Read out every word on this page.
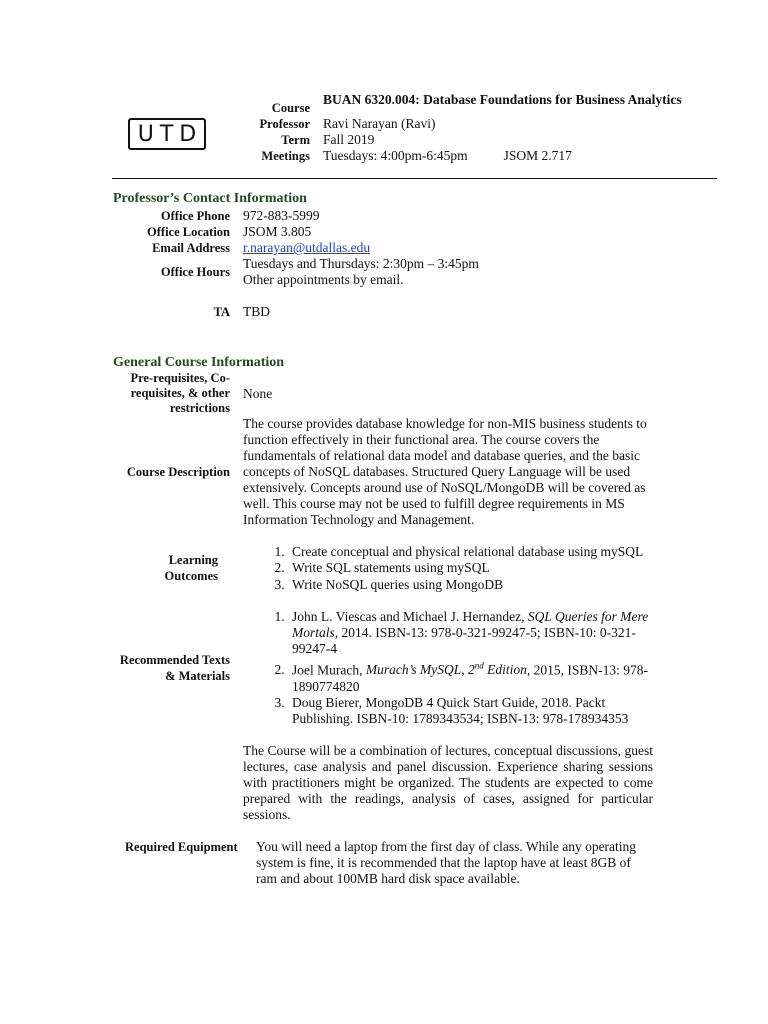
UTD
Course
BUAN 6320.004: Database Foundations for Business Analytics
Professor Ravi Narayan (Ravi)
Term Fall 2019
Meetings Tuesdays: 4:00pm-6:45pm	JSOM 2.717
Professor’s Contact Information
Office Phone 972-883-5999
Office Location JSOM 3.805
Email Address r.narayan@utdallas.edu
Office Hours
Tuesdays and Thursdays: 2:30pm – 3:45pm
Other appointments by email.
TA TBD
General Course Information
Pre-requisites, Co-requisites, & other restrictions
None
Course Description
The course provides database knowledge for non-MIS business students to function effectively in their functional area. The course covers the fundamentals of relational data model and database queries, and the basic concepts of NoSQL databases. Structured Query Language will be used extensively. Concepts around use of NoSQL/MongoDB will be covered as well. This course may not be used to fulfill degree requirements in MS Information Technology and Management.
Learning Outcomes
1. Create conceptual and physical relational database using mySQL
2. Write SQL statements using mySQL
3. Write NoSQL queries using MongoDB
Recommended Texts & Materials
1. John L. Viescas and Michael J. Hernandez, SQL Queries for Mere Mortals, 2014. ISBN-13: 978-0-321-99247-5; ISBN-10: 0-321-99247-4
2. Joel Murach, Murach’s MySQL, 2nd Edition, 2015, ISBN-13: 978-1890774820
3. Doug Bierer, MongoDB 4 Quick Start Guide, 2018. Packt Publishing. ISBN-10: 1789343534; ISBN-13: 978-178934353
The Course will be a combination of lectures, conceptual discussions, guest lectures, case analysis and panel discussion. Experience sharing sessions with practitioners might be organized. The students are expected to come prepared with the readings, analysis of cases, assigned for particular sessions.
Required Equipment	You will need a laptop from the first day of class. While any operating system is fine, it is recommended that the laptop have at least 8GB of ram and about 100MB hard disk space available.
